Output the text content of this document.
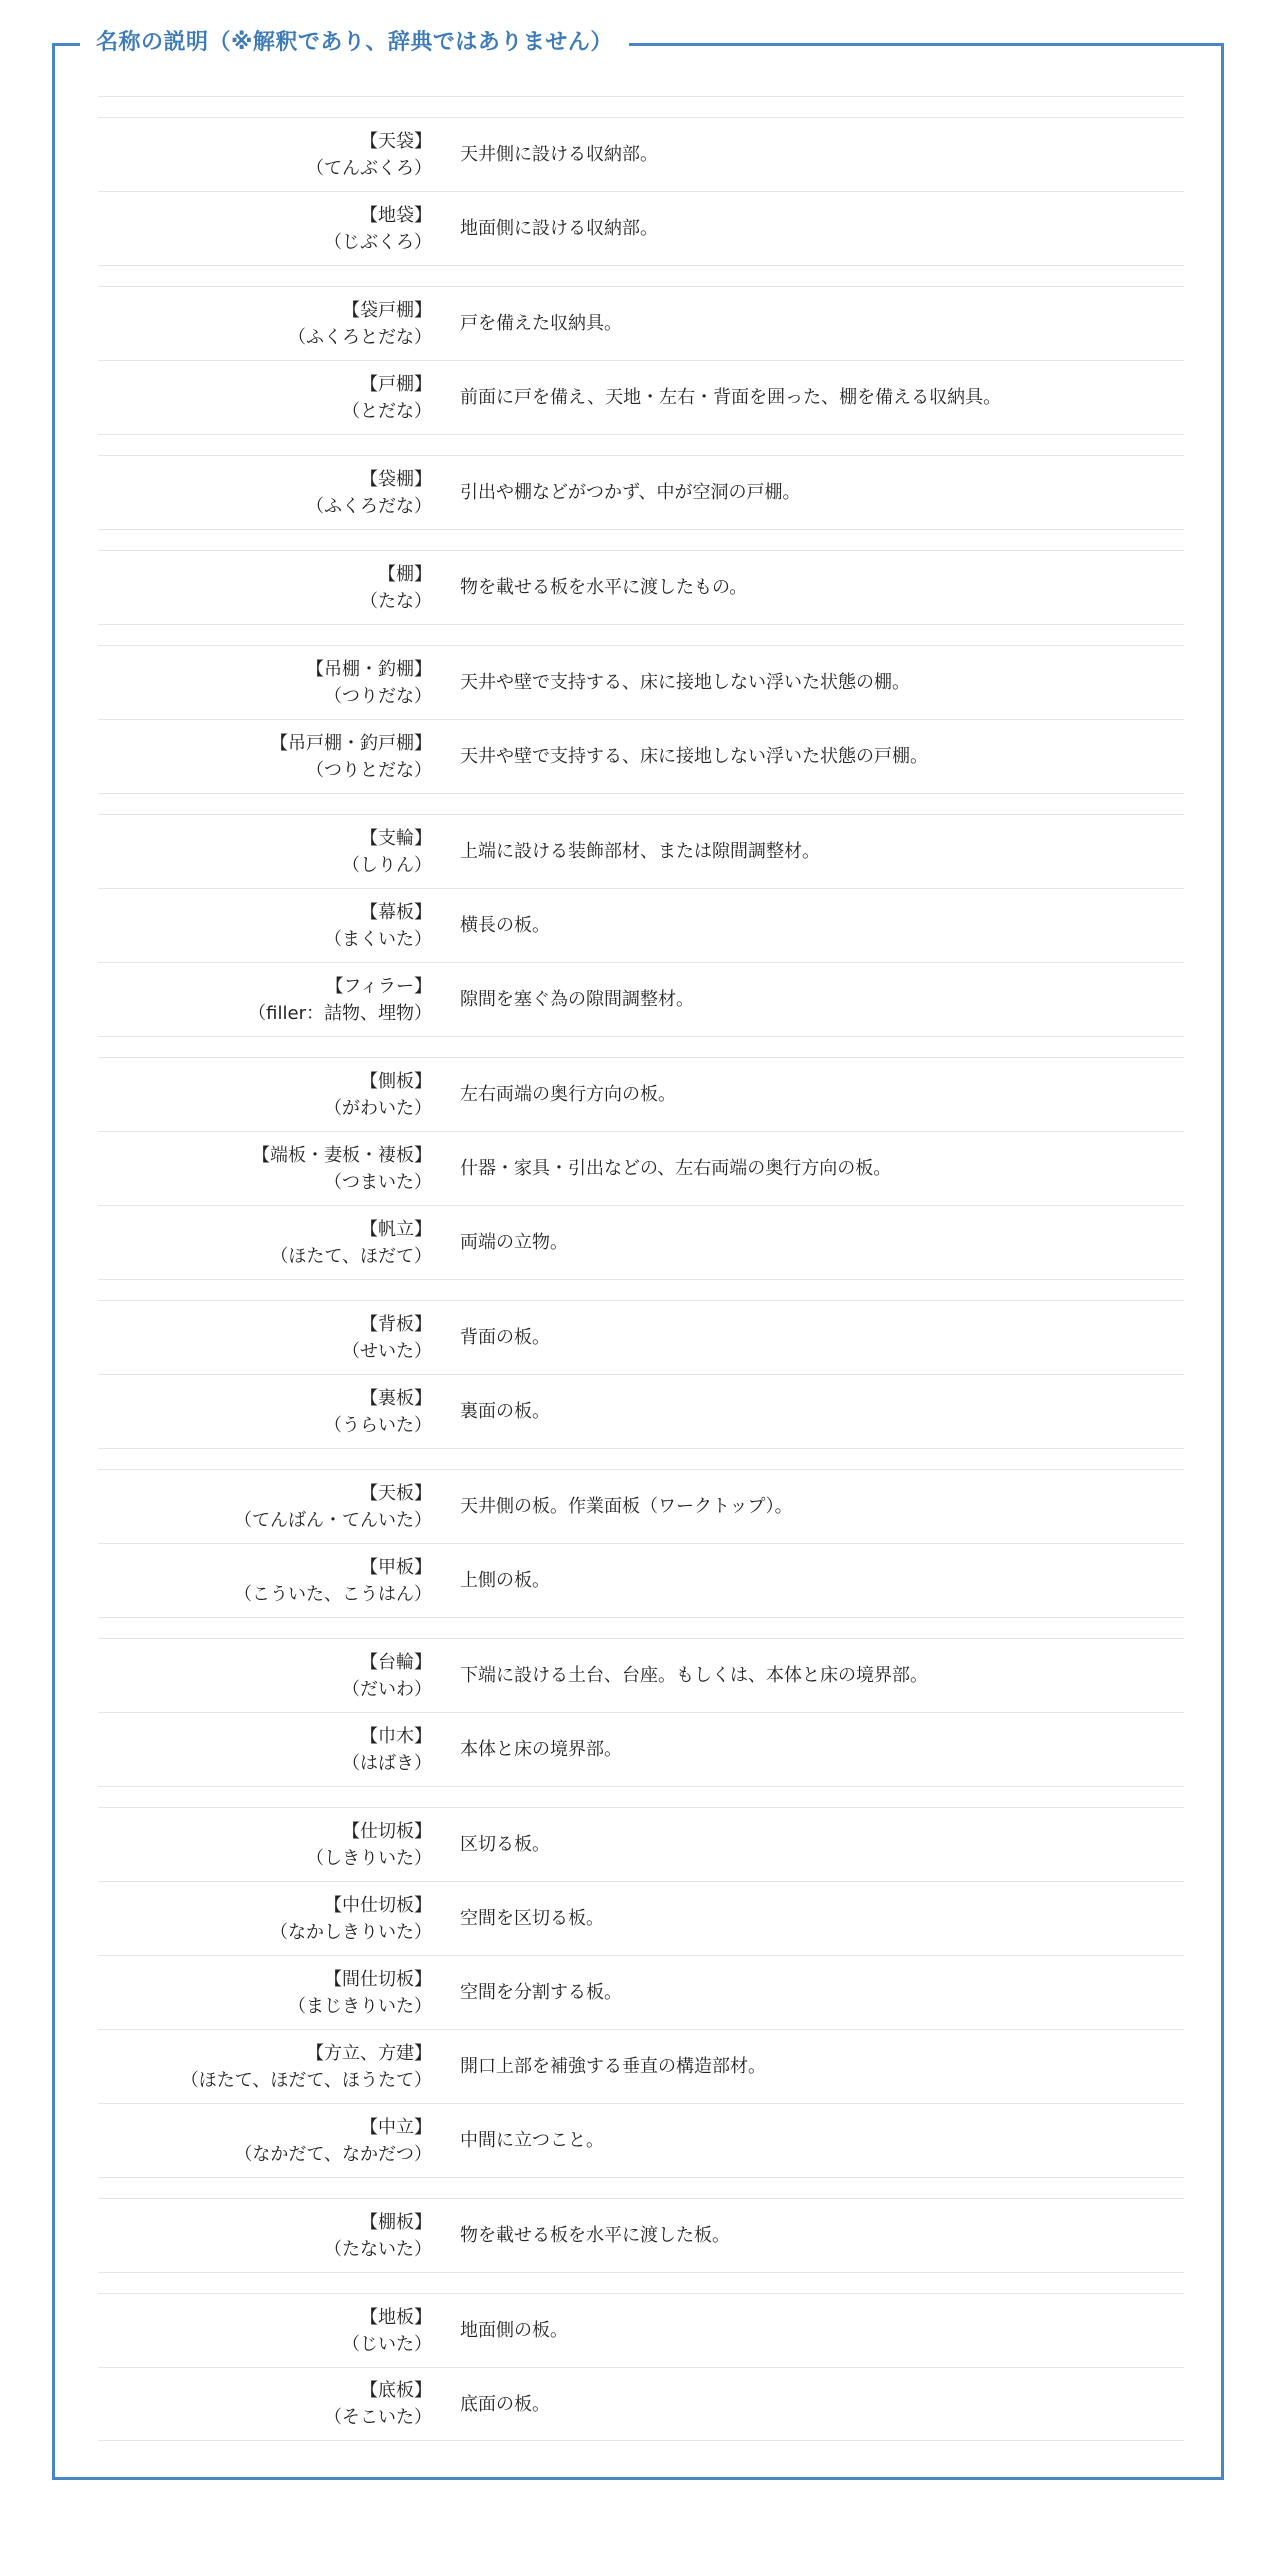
名称の説明（※解釈であり、辞典ではありません）
【天袋】
（てんぶくろ）
天井側に設ける収納部。
【地袋】
（じぶくろ）
地面側に設ける収納部。
【袋戸棚】
（ふくろとだな）
戸を備えた収納具。
【戸棚】
（とだな）
前面に戸を備え、天地・左右・背面を囲った、棚を備える収納具。
【袋棚】
（ふくろだな）
引出や棚などがつかず、中が空洞の戸棚。
【棚】
（たな）
物を載せる板を水平に渡したもの。
【吊棚・釣棚】
（つりだな）
天井や壁で支持する、床に接地しない浮いた状態の棚。
【吊戸棚・釣戸棚】
（つりとだな）
天井や壁で支持する、床に接地しない浮いた状態の戸棚。
【支輪】
（しりん）
上端に設ける装飾部材、または隙間調整材。
【幕板】
（まくいた）
横長の板。
【フィラー】
（filler：詰物、埋物）
隙間を塞ぐ為の隙間調整材。
【側板】
（がわいた）
左右両端の奥行方向の板。
【端板・妻板・褄板】
（つまいた）
什器・家具・引出などの、左右両端の奥行方向の板。
【帆立】
（ほたて、ほだて）
両端の立物。
【背板】
（せいた）
背面の板。
【裏板】
（うらいた）
裏面の板。
【天板】
（てんばん・てんいた）
天井側の板。作業面板（ワークトップ）。
【甲板】
（こういた、こうはん）
上側の板。
【台輪】
（だいわ）
下端に設ける土台、台座。もしくは、本体と床の境界部。
【巾木】
（はばき）
本体と床の境界部。
【仕切板】
（しきりいた）
区切る板。
【中仕切板】
（なかしきりいた）
空間を区切る板。
【間仕切板】
（まじきりいた）
空間を分割する板。
【方立、方建】
（ほたて、ほだて、ほうたて）
開口上部を補強する垂直の構造部材。
【中立】
（なかだて、なかだつ）
中間に立つこと。
【棚板】
（たないた）
物を載せる板を水平に渡した板。
【地板】
（じいた）
地面側の板。
【底板】
（そこいた）
底面の板。
